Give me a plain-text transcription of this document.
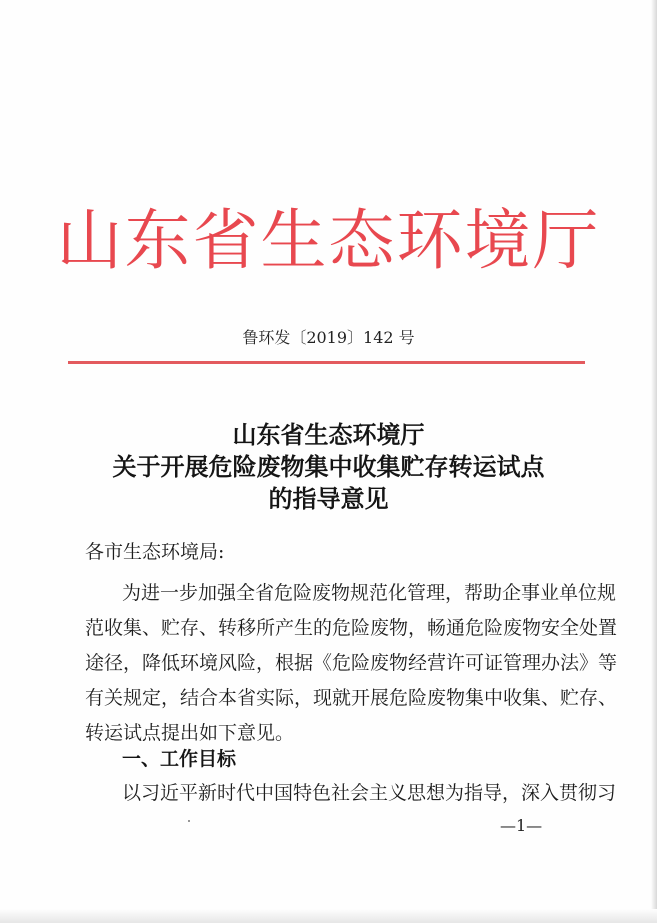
山东省生态环境厅
鲁环发〔2019〕142 号
山东省生态环境厅
关于开展危险废物集中收集贮存转运试点
的指导意见
各市生态环境局:
为进一步加强全省危险废物规范化管理，帮助企事业单位规
范收集、贮存、转移所产生的危险废物，畅通危险废物安全处置
途径，降低环境风险，根据《危险废物经营许可证管理办法》等
有关规定，结合本省实际，现就开展危险废物集中收集、贮存、
转运试点提出如下意见。
一、工作目标
以习近平新时代中国特色社会主义思想为指导，深入贯彻习
—1—
